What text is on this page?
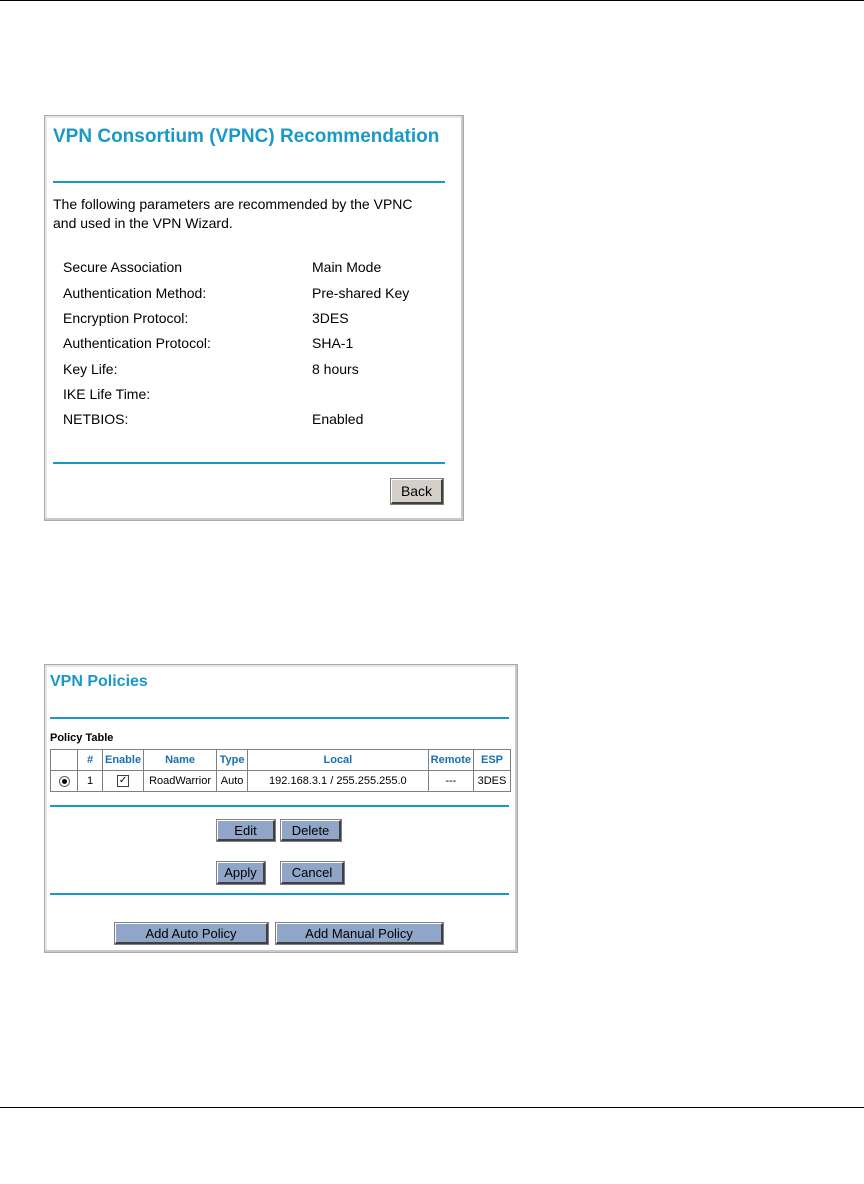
VPN Consortium (VPNC) Recommendation
The following parameters are recommended by the VPNC
and used in the VPN Wizard.
Secure Association	Main Mode
Authentication Method:	Pre-shared Key
Encryption Protocol:	3DES
Authentication Protocol:	SHA-1
Key Life:	8 hours
IKE Life Time:
NETBIOS:	Enabled
Back
VPN Policies
Policy Table
	#	Enable	Name	Type	Local	Remote	ESP
	1	✓	RoadWarrior	Auto	192.168.3.1 / 255.255.255.0	---	3DES
Edit	Delete
Apply	Cancel
Add Auto Policy	Add Manual Policy
